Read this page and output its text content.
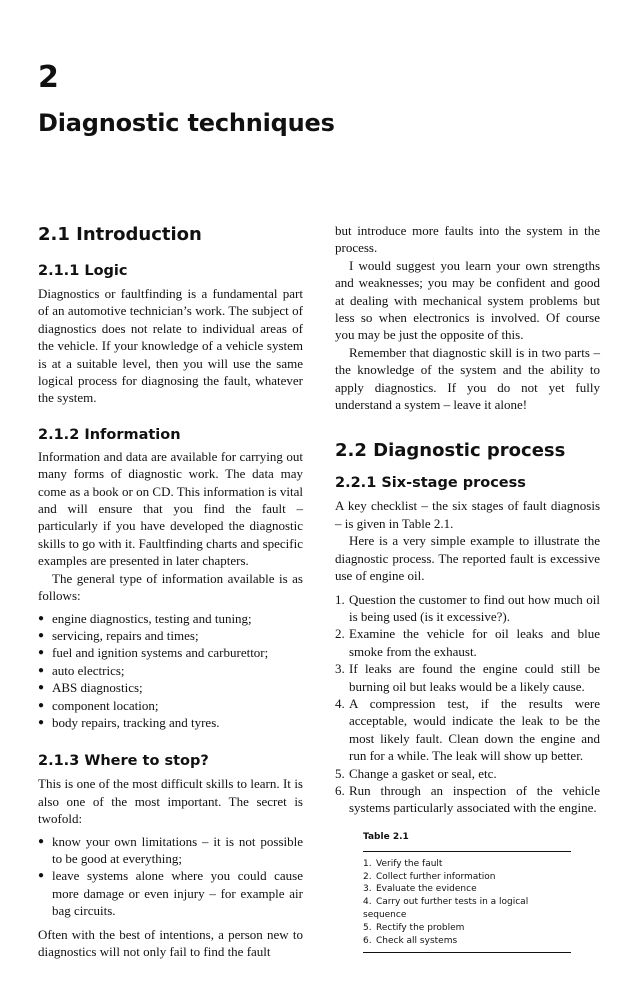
2
Diagnostic techniques
2.1 Introduction
2.1.1 Logic

Diagnostics or faultfinding is a fundamental part of an automotive technician’s work. The subject of diagnostics does not relate to individual areas of the vehicle. If your knowledge of a vehicle system is at a suitable level, then you will use the same logical process for diagnosing the fault, whatever the system.

2.1.2 Information

Information and data are available for carrying out many forms of diagnostic work. The data may come as a book or on CD. This information is vital and will ensure that you find the fault – particularly if you have developed the diagnostic skills to go with it. Faultfinding charts and specific examples are presented in later chapters.

The general type of information available is as follows:

● engine diagnostics, testing and tuning;
● servicing, repairs and times;
● fuel and ignition systems and carburettor;
● auto electrics;
● ABS diagnostics;
● component location;
● body repairs, tracking and tyres.
2.1.3 Where to stop?

This is one of the most difficult skills to learn. It is also one of the most important. The secret is twofold:

● know your own limitations – it is not possible to be good at everything;
● leave systems alone where you could cause more damage or even injury – for example air bag circuits.

Often with the best of intentions, a person new to diagnostics will not only fail to find the fault

but introduce more faults into the system in the process.

I would suggest you learn your own strengths and weaknesses; you may be confident and good at dealing with mechanical system problems but less so when electronics is involved. Of course you may be just the opposite of this.

Remember that diagnostic skill is in two parts – the knowledge of the system and the ability to apply diagnostics. If you do not yet fully understand a system – leave it alone!

2.2 Diagnostic process
2.2.1 Six-stage process

A key checklist – the six stages of fault diagnosis – is given in Table 2.1.

Here is a very simple example to illustrate the diagnostic process. The reported fault is excessive use of engine oil.

1. Question the customer to find out how much oil is being used (is it excessive?).
2. Examine the vehicle for oil leaks and blue smoke from the exhaust.
3. If leaks are found the engine could still be burning oil but leaks would be a likely cause.
4. A compression test, if the results were acceptable, would indicate the leak to be the most likely fault. Clean down the engine and run for a while. The leak will show up better.
5. Change a gasket or seal, etc.
6. Run through an inspection of the vehicle systems particularly associated with the engine.
Table 2.1
1. Verify the fault
2. Collect further information
3. Evaluate the evidence
4. Carry out further tests in a logical sequence
5. Rectify the problem
6. Check all systems
